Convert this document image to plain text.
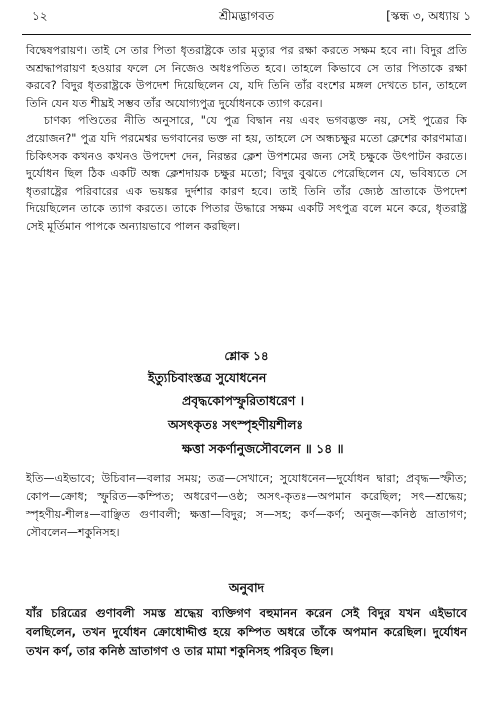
১২	শ্রীমদ্ভাগবত	[স্কন্ধ ৩, অধ্যায় ১

বিদ্বেষপরায়ণ। তাই সে তার পিতা ধৃতরাষ্ট্রকে তার মৃত্যুর পর রক্ষা করতে সক্ষম হবে না। বিদুর প্রতি অশ্রদ্ধাপরায়ণ হওয়ার ফলে সে নিজেও অধঃপতিত হবে। তাহলে কিভাবে সে তার পিতাকে রক্ষা করবে? বিদুর ধৃতরাষ্ট্রকে উপদেশ দিয়েছিলেন যে, যদি তিনি তাঁর বংশের মঙ্গল দেখতে চান, তাহলে তিনি যেন যত শীঘ্রই সম্ভব তাঁর অযোগ্যপুত্র দুর্যোধনকে ত্যাগ করেন।

চাণক্য পণ্ডিতের নীতি অনুসারে, "যে পুত্র বিদ্বান নয় এবং ভগবদ্ভক্ত নয়, সেই পুত্রের কি প্রয়োজন?" পুত্র যদি পরমেশ্বর ভগবানের ভক্ত না হয়, তাহলে সে অন্ধচক্ষুর মতো ক্লেশের কারণমাত্র। চিকিৎসক কখনও কখনও উপদেশ দেন, নিরন্তর ক্লেশ উপশমের জন্য সেই চক্ষুকে উৎপাটন করতে। দুর্যোধন ছিল ঠিক একটি অন্ধ ক্লেশদায়ক চক্ষুর মতো; বিদুর বুঝতে পেরেছিলেন যে, ভবিষ্যতে সে ধৃতরাষ্ট্রের পরিবারের এক ভয়ঙ্কর দুর্দশার কারণ হবে। তাই তিনি তাঁর জ্যেষ্ঠ ভ্রাতাকে উপদেশ দিয়েছিলেন তাকে ত্যাগ করতে। তাকে পিতার উদ্ধারে সক্ষম একটি সৎপুত্র বলে মনে করে, ধৃতরাষ্ট্র সেই মূর্তিমান পাপকে অন্যায়ভাবে পালন করছিল।

শ্লোক ১৪
ইত্যুচিবাংস্তত্র সুযোধনেন
প্রবৃদ্ধকোপস্ফুরিতাধরেণ ।
অসৎকৃতঃ সৎস্পৃহণীয়শীলঃ
ক্ষত্তা সকর্ণানুজসৌবলেন ॥ ১৪ ॥
ইতি—এইভাবে; উচিবান—বলার সময়; তত্র—সেখানে; সুযোধনেন—দুর্যোধন দ্বারা; প্রবৃদ্ধ—স্ফীত; কোপ—ক্রোধ; স্ফুরিত—কম্পিত; অধরেণ—ওষ্ঠ; অসৎ-কৃতঃ—অপমান করেছিল; সৎ—শ্রদ্ধেয়; স্পৃহণীয়-শীলঃ—বাঞ্ছিত গুণাবলী; ক্ষত্তা—বিদুর; স—সহ; কর্ণ—কর্ণ; অনুজ—কনিষ্ঠ ভ্রাতাগণ; সৌবলেন—শকুনিসহ।
অনুবাদ
যাঁর চরিত্রের গুণাবলী সমস্ত শ্রদ্ধেয় ব্যক্তিগণ বহুমানন করেন সেই বিদুর যখন এইভাবে বলছিলেন, তখন দুর্যোধন ক্রোধোদ্দীপ্ত হয়ে কম্পিত অধরে তাঁকে অপমান করেছিল। দুর্যোধন তখন কর্ণ, তার কনিষ্ঠ ভ্রাতাগণ ও তার মামা শকুনিসহ পরিবৃত ছিল।
